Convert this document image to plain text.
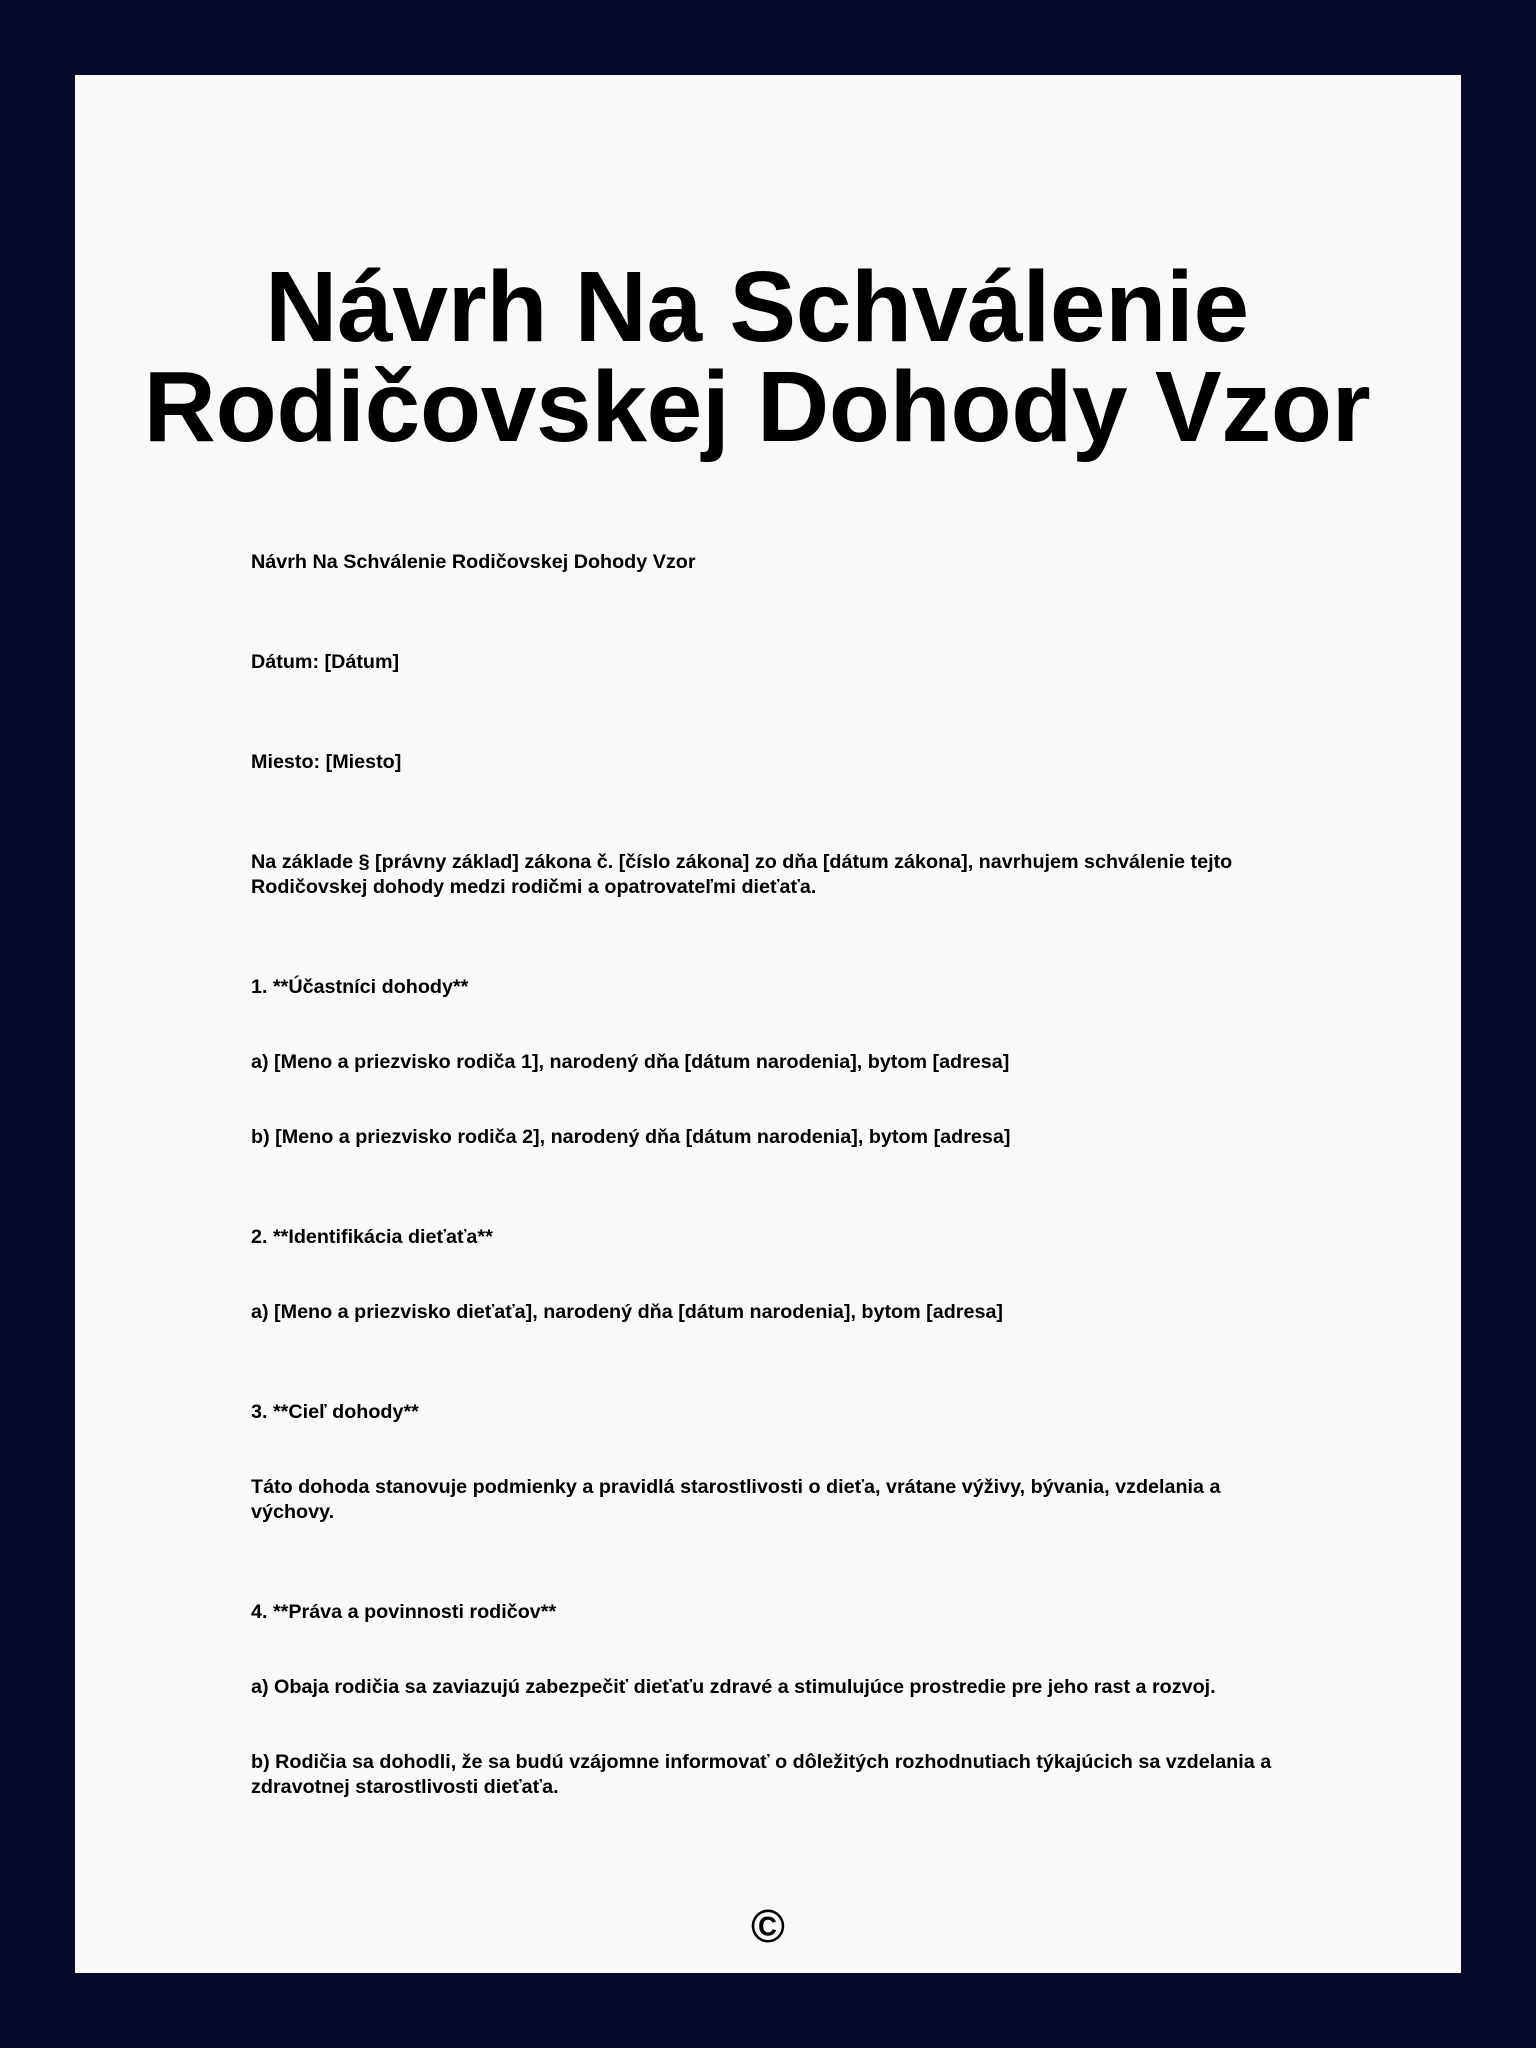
Návrh Na Schválenie
Rodičovskej Dohody Vzor

Návrh Na Schválenie Rodičovskej Dohody Vzor

Dátum: [Dátum]

Miesto: [Miesto]

Na základe § [právny základ] zákona č. [číslo zákona] zo dňa [dátum zákona], navrhujem schválenie tejto Rodičovskej dohody medzi rodičmi a opatrovateľmi dieťaťa.

1. **Účastníci dohody**

a) [Meno a priezvisko rodiča 1], narodený dňa [dátum narodenia], bytom [adresa]

b) [Meno a priezvisko rodiča 2], narodený dňa [dátum narodenia], bytom [adresa]

2. **Identifikácia dieťaťa**

a) [Meno a priezvisko dieťaťa], narodený dňa [dátum narodenia], bytom [adresa]

3. **Cieľ dohody**

Táto dohoda stanovuje podmienky a pravidlá starostlivosti o dieťa, vrátane výživy, bývania, vzdelania a výchovy.

4. **Práva a povinnosti rodičov**

a) Obaja rodičia sa zaviazujú zabezpečiť dieťaťu zdravé a stimulujúce prostredie pre jeho rast a rozvoj.

b) Rodičia sa dohodli, že sa budú vzájomne informovať o dôležitých rozhodnutiach týkajúcich sa vzdelania a zdravotnej starostlivosti dieťaťa.

©
